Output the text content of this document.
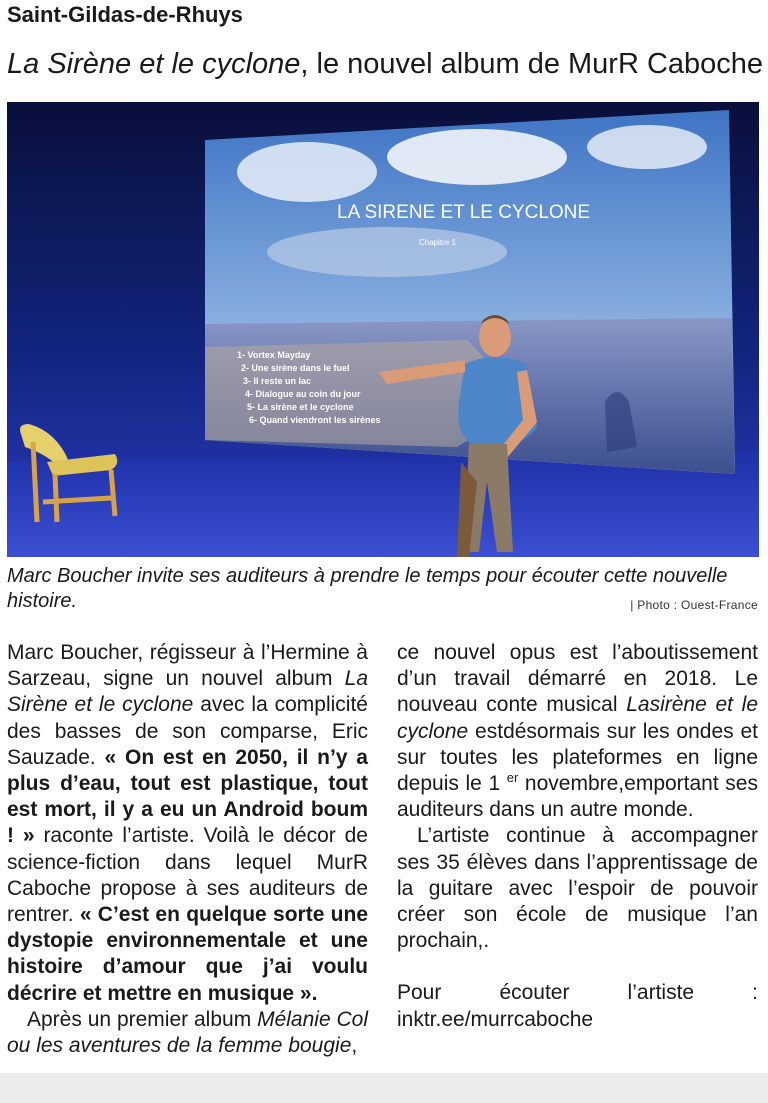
Saint-Gildas-de-Rhuys
La Sirène et le cyclone, le nouvel album de MurR Caboche
LA SIRENE ET LE CYCLONE
Chapitre 1
1- Vortex Mayday
2- Une sirène dans le fuel
3- Il reste un lac
4- Dialogue au coin du jour
5- La sirène et le cyclone
6- Quand viendront les sirènes
Marc Boucher invite ses auditeurs à prendre le temps pour écouter cette nouvelle histoire.	| Photo : Ouest-France

Marc Boucher, régisseur à l’Hermine à Sarzeau, signe un nouvel album La Sirène et le cyclone avec la complicité des basses de son comparse, Eric Sauzade. « On est en 2050, il n’y a plus d’eau, tout est plastique, tout est mort, il y a eu un Android boum ! » raconte l’artiste. Voilà le décor de science-fiction dans lequel MurR Caboche propose à ses auditeurs de rentrer. « C’est en quelque sorte une dystopie environnementale et une histoire d’amour que j’ai voulu décrire et mettre en musique ».

Après un premier album Mélanie Col ou les aventures de la femme bougie,

ce nouvel opus est l’aboutissement d’un travail démarré en 2018. Le nouveau conte musical Lasirène et le cyclone estdésormais sur les ondes et sur toutes les plateformes en ligne depuis le 1 $^{er}$ novembre,emportant ses auditeurs dans un autre monde.

L’artiste continue à accompagner ses 35 élèves dans l’apprentissage de la guitare avec l’espoir de pouvoir créer son école de musique l’an prochain,.

Pour écouter l’artiste : inktr.ee/murrcaboche
